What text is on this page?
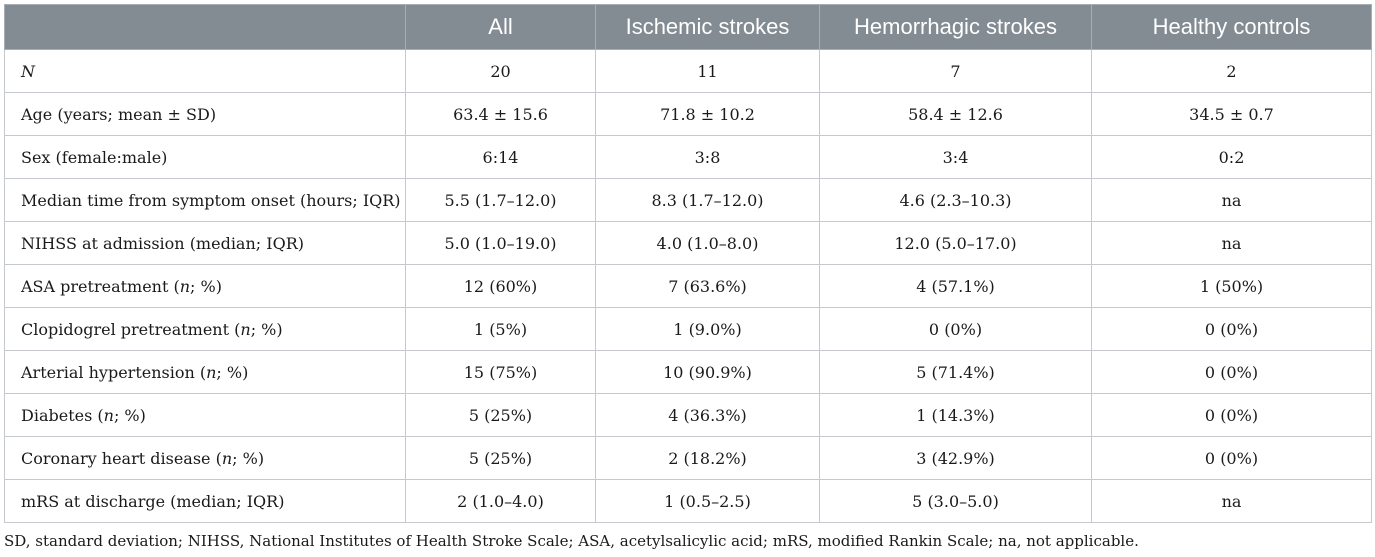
	All	Ischemic strokes	Hemorrhagic strokes	Healthy controls
N	20	11	7	2
Age (years; mean ± SD)	63.4 ± 15.6	71.8 ± 10.2	58.4 ± 12.6	34.5 ± 0.7
Sex (female:male)	6:14	3:8	3:4	0:2
Median time from symptom onset (hours; IQR)	5.5 (1.7–12.0)	8.3 (1.7–12.0)	4.6 (2.3–10.3)	na
NIHSS at admission (median; IQR)	5.0 (1.0–19.0)	4.0 (1.0–8.0)	12.0 (5.0–17.0)	na
ASA pretreatment (n; %)	12 (60%)	7 (63.6%)	4 (57.1%)	1 (50%)
Clopidogrel pretreatment (n; %)	1 (5%)	1 (9.0%)	0 (0%)	0 (0%)
Arterial hypertension (n; %)	15 (75%)	10 (90.9%)	5 (71.4%)	0 (0%)
Diabetes (n; %)	5 (25%)	4 (36.3%)	1 (14.3%)	0 (0%)
Coronary heart disease (n; %)	5 (25%)	2 (18.2%)	3 (42.9%)	0 (0%)
mRS at discharge (median; IQR)	2 (1.0–4.0)	1 (0.5–2.5)	5 (3.0–5.0)	na
SD, standard deviation; NIHSS, National Institutes of Health Stroke Scale; ASA, acetylsalicylic acid; mRS, modified Rankin Scale; na, not applicable.
